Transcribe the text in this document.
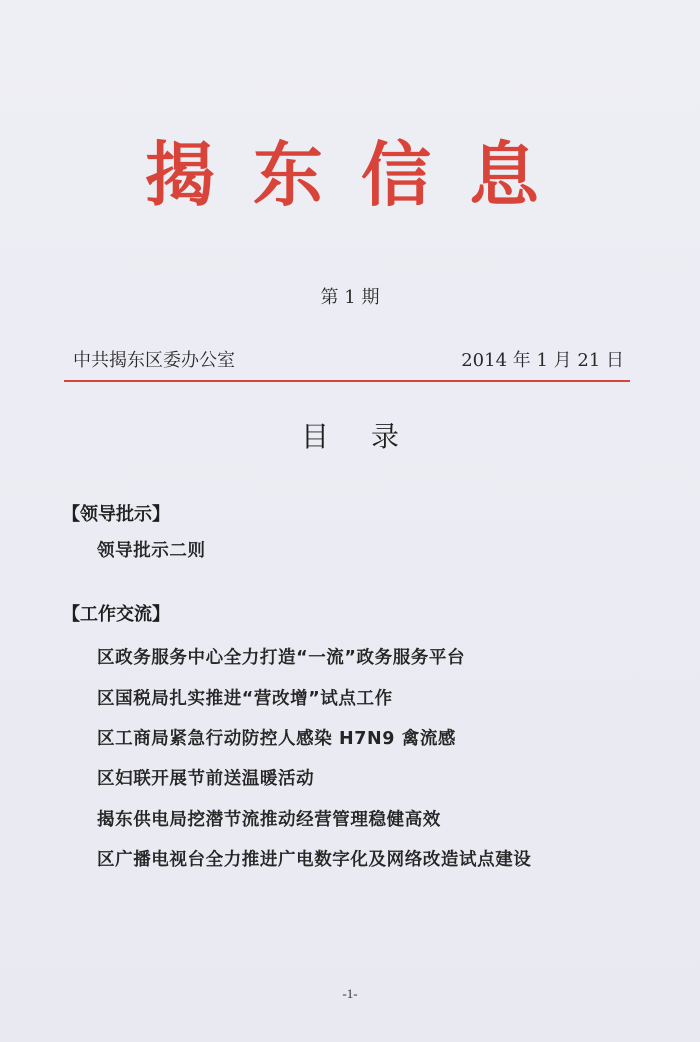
揭东信息
第 1 期
中共揭东区委办公室	2014 年 1 月 21 日
目录
【领导批示】
领导批示二则
【工作交流】
区政务服务中心全力打造“一流”政务服务平台
区国税局扎实推进“营改增”试点工作
区工商局紧急行动防控人感染 H7N9 禽流感
区妇联开展节前送温暖活动
揭东供电局挖潜节流推动经营管理稳健高效
区广播电视台全力推进广电数字化及网络改造试点建设
-1-
